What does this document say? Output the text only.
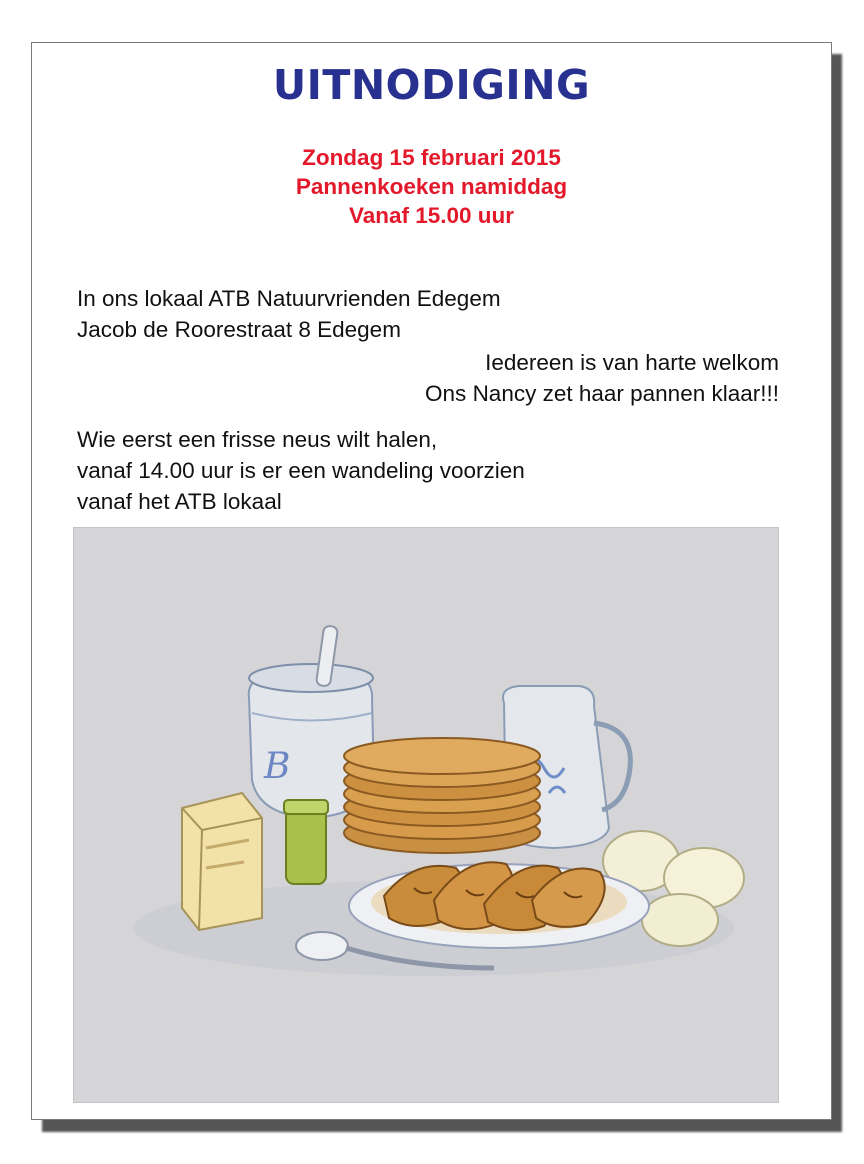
UITNODIGING
Zondag 15 februari 2015
Pannenkoeken namiddag
Vanaf 15.00 uur
In ons lokaal ATB Natuurvrienden Edegem
Jacob de Roorestraat 8 Edegem
Iedereen is van harte welkom
Ons Nancy zet haar pannen klaar!!!
Wie eerst een frisse neus wilt halen,
vanaf 14.00 uur is er een wandeling voorzien
vanaf het ATB lokaal
B
